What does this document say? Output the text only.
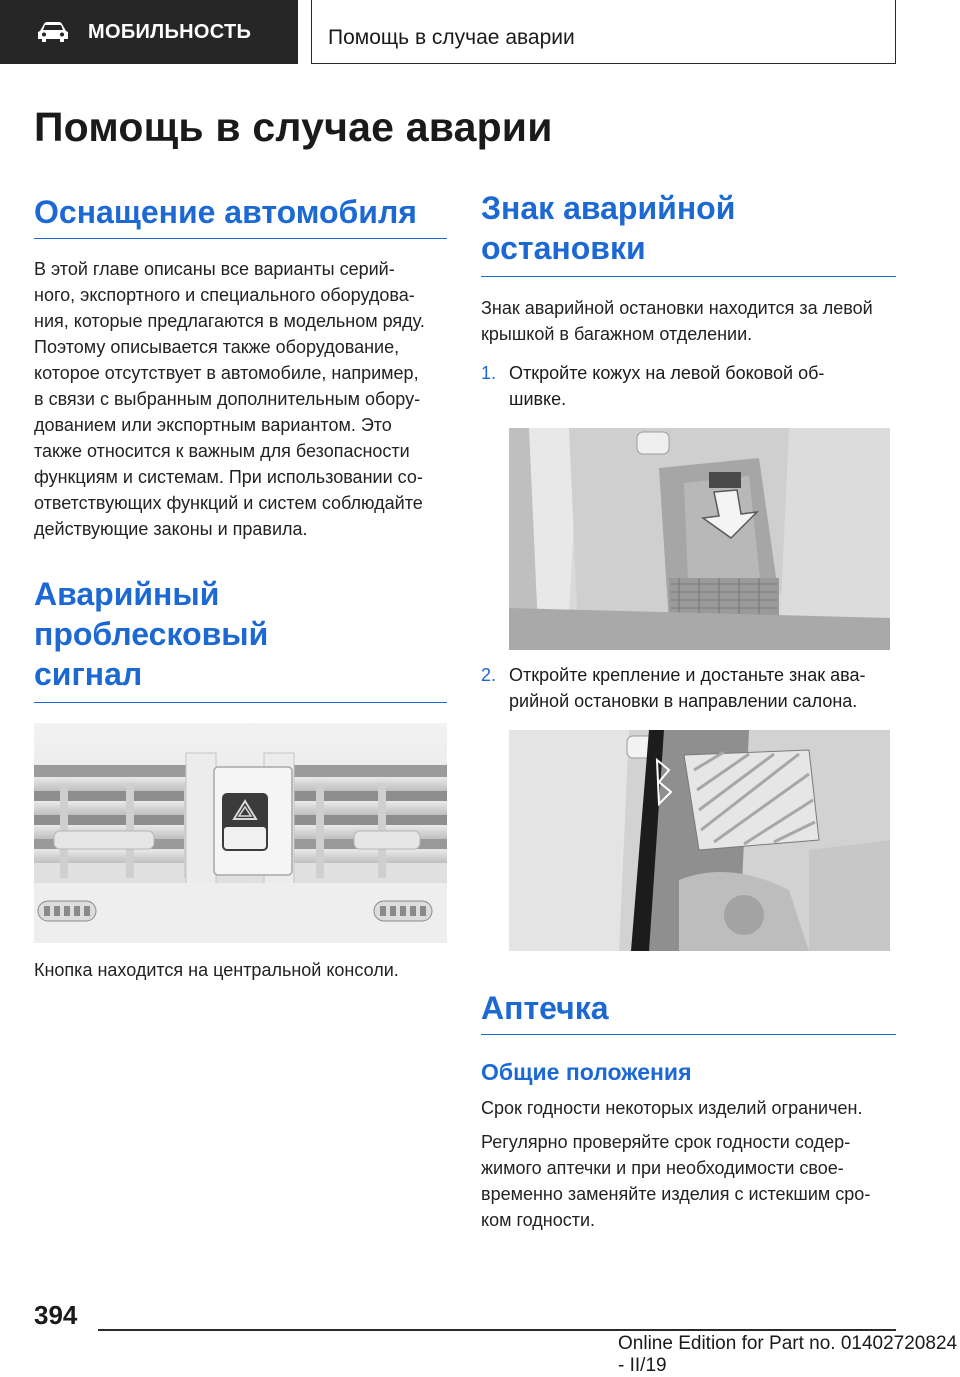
МОБИЛЬНОСТЬ	Помощь в случае аварии
Помощь в случае аварии
Оснащение автомобиля

В этой главе описаны все варианты серий-

ного, экспортного и специального оборудова-

ния, которые предлагаются в модельном ряду.

Поэтому описывается также оборудование,

которое отсутствует в автомобиле, например,

в связи с выбранным дополнительным обору-

дованием или экспортным вариантом. Это

также относится к важным для безопасности

функциям и системам. При использовании со-

ответствующих функций и систем соблюдайте

действующие законы и правила.

Аварийный проблесковый
сигнал

Кнопка находится на центральной консоли.

Знак аварийной
остановки

Знак аварийной остановки находится за левой

крышкой в багажном отделении.

1. Откройте кожух на левой боковой об-
шивке.
2. Откройте крепление и достаньте знак ава-
рийной остановки в направлении салона.
Аптечка
Общие положения

Срок годности некоторых изделий ограничен.

Регулярно проверяйте срок годности содер-

жимого аптечки и при необходимости свое-

временно заменяйте изделия с истекшим сро-

ком годности.

394
Online Edition for Part no. 01402720824 - II/19
